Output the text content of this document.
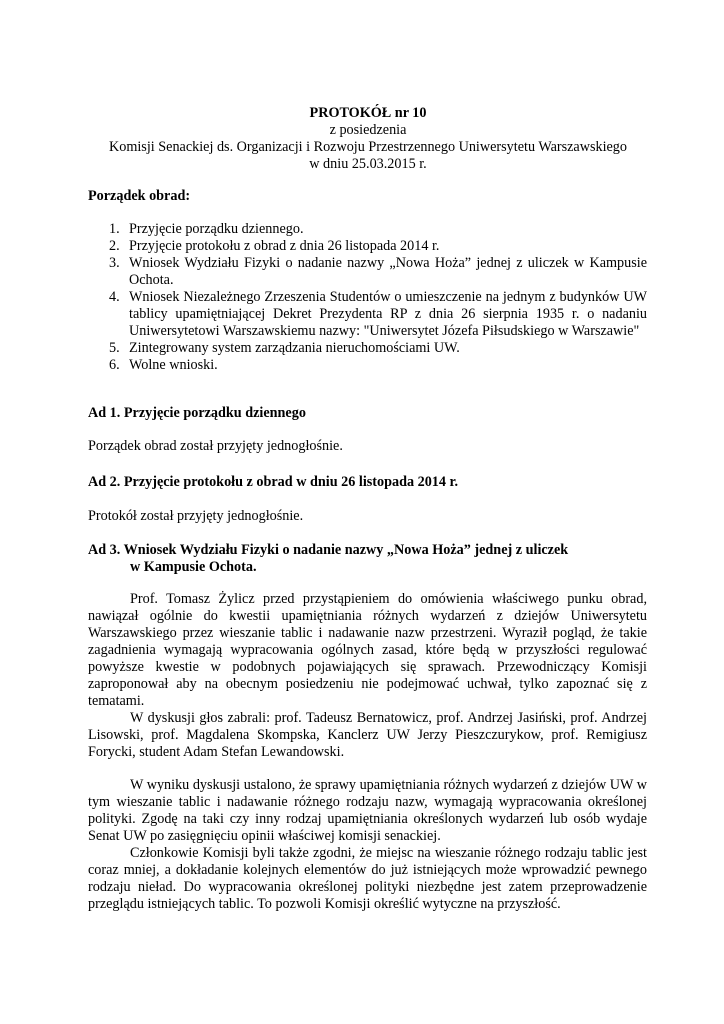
PROTOKÓŁ nr 10
z posiedzenia
Komisji Senackiej ds. Organizacji i Rozwoju Przestrzennego Uniwersytetu Warszawskiego
w dniu 25.03.2015 r.
Porządek obrad:
1. Przyjęcie porządku dziennego.
2. Przyjęcie protokołu z obrad z dnia 26 listopada 2014 r.
3. Wniosek Wydziału Fizyki o nadanie nazwy „Nowa Hoża” jednej z uliczek w Kampusie Ochota.
4. Wniosek Niezależnego Zrzeszenia Studentów o umieszczenie na jednym z budynków UW tablicy upamiętniającej Dekret Prezydenta RP z dnia 26 sierpnia 1935 r. o nadaniu Uniwersytetowi Warszawskiemu nazwy: "Uniwersytet Józefa Piłsudskiego w Warszawie"
5. Zintegrowany system zarządzania nieruchomościami UW.
6. Wolne wnioski.
Ad 1. Przyjęcie porządku dziennego
Porządek obrad został przyjęty jednogłośnie.
Ad 2. Przyjęcie protokołu z obrad w dniu 26 listopada 2014 r.
Protokół został przyjęty jednogłośnie.
Ad 3. Wniosek Wydziału Fizyki o nadanie nazwy „Nowa Hoża” jednej z uliczek
w Kampusie Ochota.
Prof. Tomasz Żylicz przed przystąpieniem do omówienia właściwego punku obrad, nawiązał ogólnie do kwestii upamiętniania różnych wydarzeń z dziejów Uniwersytetu Warszawskiego przez wieszanie tablic i nadawanie nazw przestrzeni. Wyraził pogląd, że takie zagadnienia wymagają wypracowania ogólnych zasad, które będą w przyszłości regulować powyższe kwestie w podobnych pojawiających się sprawach. Przewodniczący Komisji zaproponował aby na obecnym posiedzeniu nie podejmować uchwał, tylko zapoznać się z tematami.
W dyskusji głos zabrali: prof. Tadeusz Bernatowicz, prof. Andrzej Jasiński, prof. Andrzej Lisowski, prof. Magdalena Skompska, Kanclerz UW Jerzy Pieszczurykow, prof. Remigiusz Forycki, student Adam Stefan Lewandowski.
W wyniku dyskusji ustalono, że sprawy upamiętniania różnych wydarzeń z dziejów UW w tym wieszanie tablic i nadawanie różnego rodzaju nazw, wymagają wypracowania określonej polityki. Zgodę na taki czy inny rodzaj upamiętniania określonych wydarzeń lub osób wydaje Senat UW po zasięgnięciu opinii właściwej komisji senackiej.
Członkowie Komisji byli także zgodni, że miejsc na wieszanie różnego rodzaju tablic jest coraz mniej, a dokładanie kolejnych elementów do już istniejących może wprowadzić pewnego rodzaju nieład. Do wypracowania określonej polityki niezbędne jest zatem przeprowadzenie przeglądu istniejących tablic. To pozwoli Komisji określić wytyczne na przyszłość.
